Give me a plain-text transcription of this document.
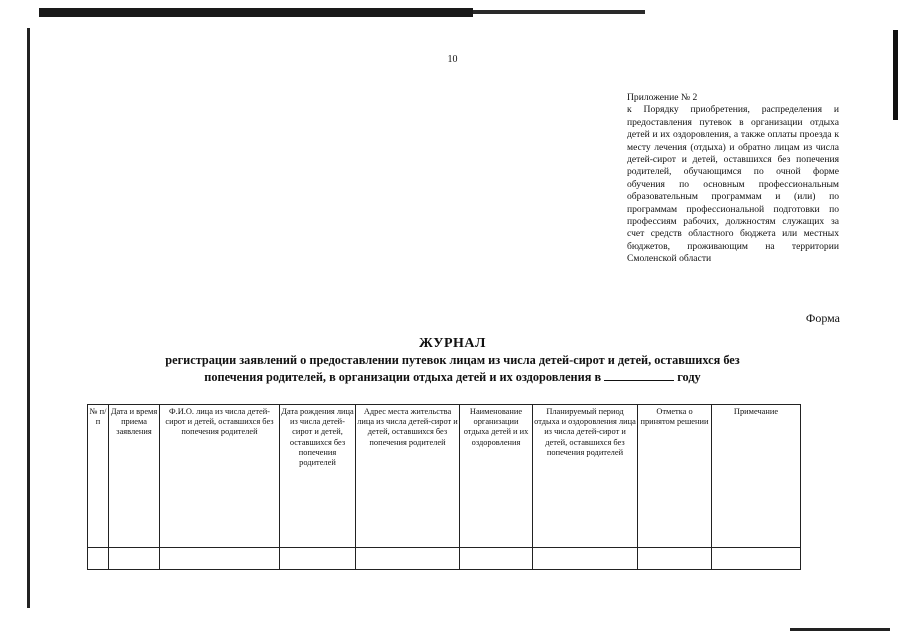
10

Приложение № 2

к Порядку приобретения, распределения и предоставления путевок в организации отдыха детей и их оздоровления, а также оплаты проезда к месту лечения (отдыха) и обратно лицам из числа детей-сирот и детей, оставшихся без попечения родителей, обучающимся по очной форме обучения по основным профессиональным образовательным программам и (или) по программам профессиональной подготовки по профессиям рабочих, должностям служащих за счет средств областного бюджета или местных бюджетов, проживающим на территории Смоленской области

Форма
ЖУРНАЛ
регистрации заявлений о предоставлении путевок лицам из числа детей-сирот и детей, оставшихся без
попечения родителей, в организации отдыха детей и их оздоровления в	году
№ п/п	Дата и время приема заявления	Ф.И.О. лица из числа детей-сирот и детей, оставшихся без попечения родителей	Дата рождения лица из числа детей-сирот и детей, оставшихся без попечения родителей	Адрес места жительства лица из числа детей-сирот и детей, оставшихся без попечения родителей	Наименование организации отдыха детей и их оздоровления	Планируемый период отдыха и оздоровления лица из числа детей-сирот и детей, оставшихся без попечения родителей	Отметка о принятом решении	Примечание
